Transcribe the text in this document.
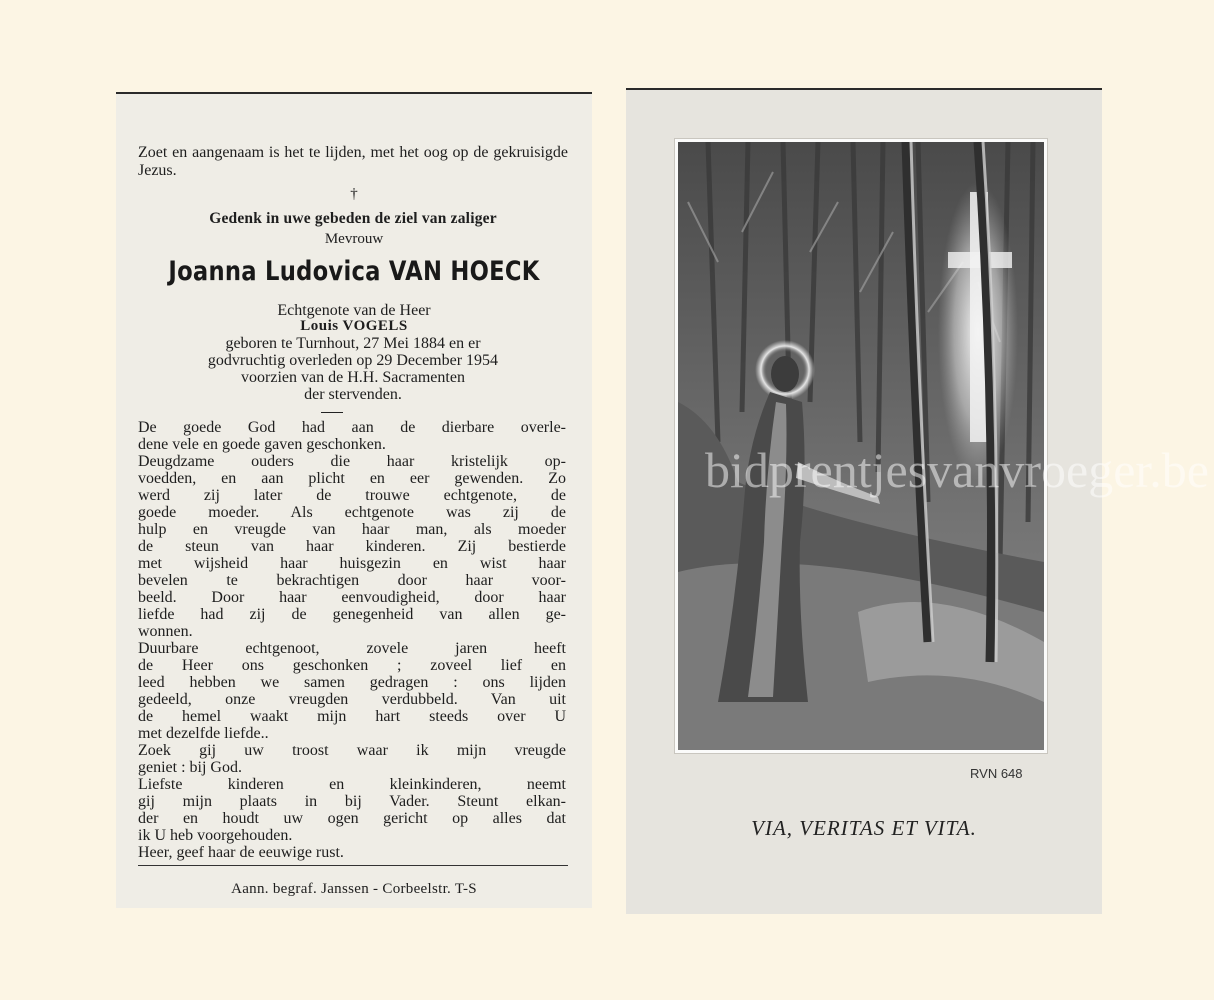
Zoet en aangenaam is het te lijden, met het oog op de gekruisigde Jezus.
†
Gedenk in uwe gebeden de ziel van zaliger
Mevrouw
Joanna Ludovica VAN HOECK
Echtgenote van de Heer
Louis VOGELS
geboren te Turnhout, 27 Mei 1884 en er
godvruchtig overleden op 29 December 1954
voorzien van de H.H. Sacramenten
der stervenden.
De goede God had aan de dierbare overle-
dene vele en goede gaven geschonken.
Deugdzame ouders die haar kristelijk op-
voedden, en aan plicht en eer gewenden. Zo
werd zij later de trouwe echtgenote, de
goede moeder. Als echtgenote was zij de
hulp en vreugde van haar man, als moeder
de steun van haar kinderen. Zij bestierde
met wijsheid haar huisgezin en wist haar
bevelen te bekrachtigen door haar voor-
beeld. Door haar eenvoudigheid, door haar
liefde had zij de genegenheid van allen ge-
wonnen.
Duurbare echtgenoot, zovele jaren heeft
de Heer ons geschonken ; zoveel lief en
leed hebben we samen gedragen : ons lijden
gedeeld, onze vreugden verdubbeld. Van uit
de hemel waakt mijn hart steeds over U
met dezelfde liefde..
Zoek gij uw troost waar ik mijn vreugde
geniet : bij God.
Liefste kinderen en kleinkinderen, neemt
gij mijn plaats in bij Vader. Steunt elkan-
der en houdt uw ogen gericht op alles dat
ik U heb voorgehouden.
Heer, geef haar de eeuwige rust.
Aann. begraf. Janssen - Corbeelstr. T-S
RVN 648
VIA, VERITAS ET VITA.
bidprentjesvanvroeger.be
